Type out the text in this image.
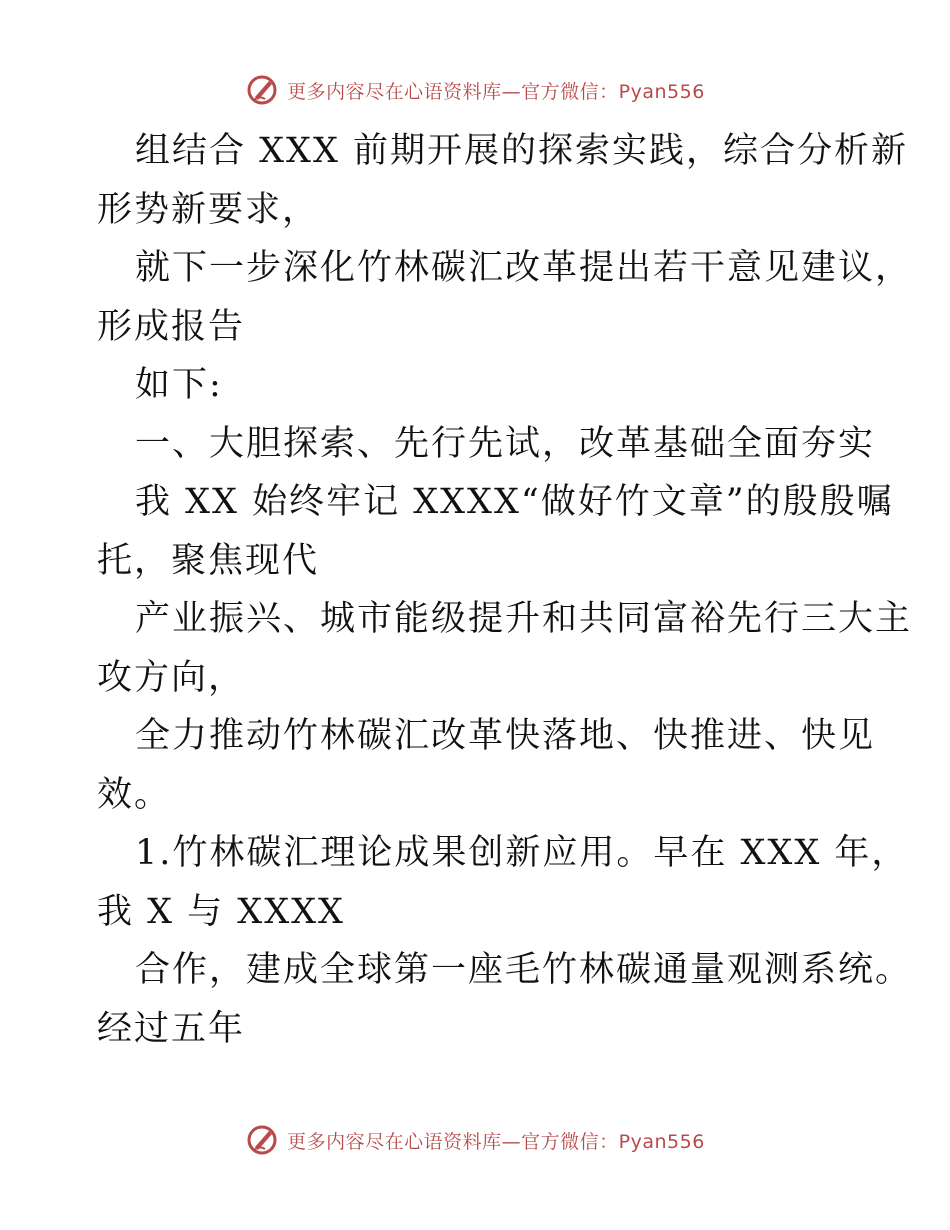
更多内容尽在心语资料库—官方微信：Pyan556

组结合 XXX 前期开展的探索实践，综合分析新

形势新要求，

就下一步深化竹林碳汇改革提出若干意见建议，

形成报告

如下:

一、大胆探索、先行先试，改革基础全面夯实

我 XX 始终牢记 XXXX“做好竹文章”的殷殷嘱

托，聚焦现代

产业振兴、城市能级提升和共同富裕先行三大主

攻方向，

全力推动竹林碳汇改革快落地、快推进、快见

效。

1.竹林碳汇理论成果创新应用。早在 XXX 年，

我 X 与 XXXX

合作，建成全球第一座毛竹林碳通量观测系统。

经过五年

更多内容尽在心语资料库—官方微信：Pyan556
